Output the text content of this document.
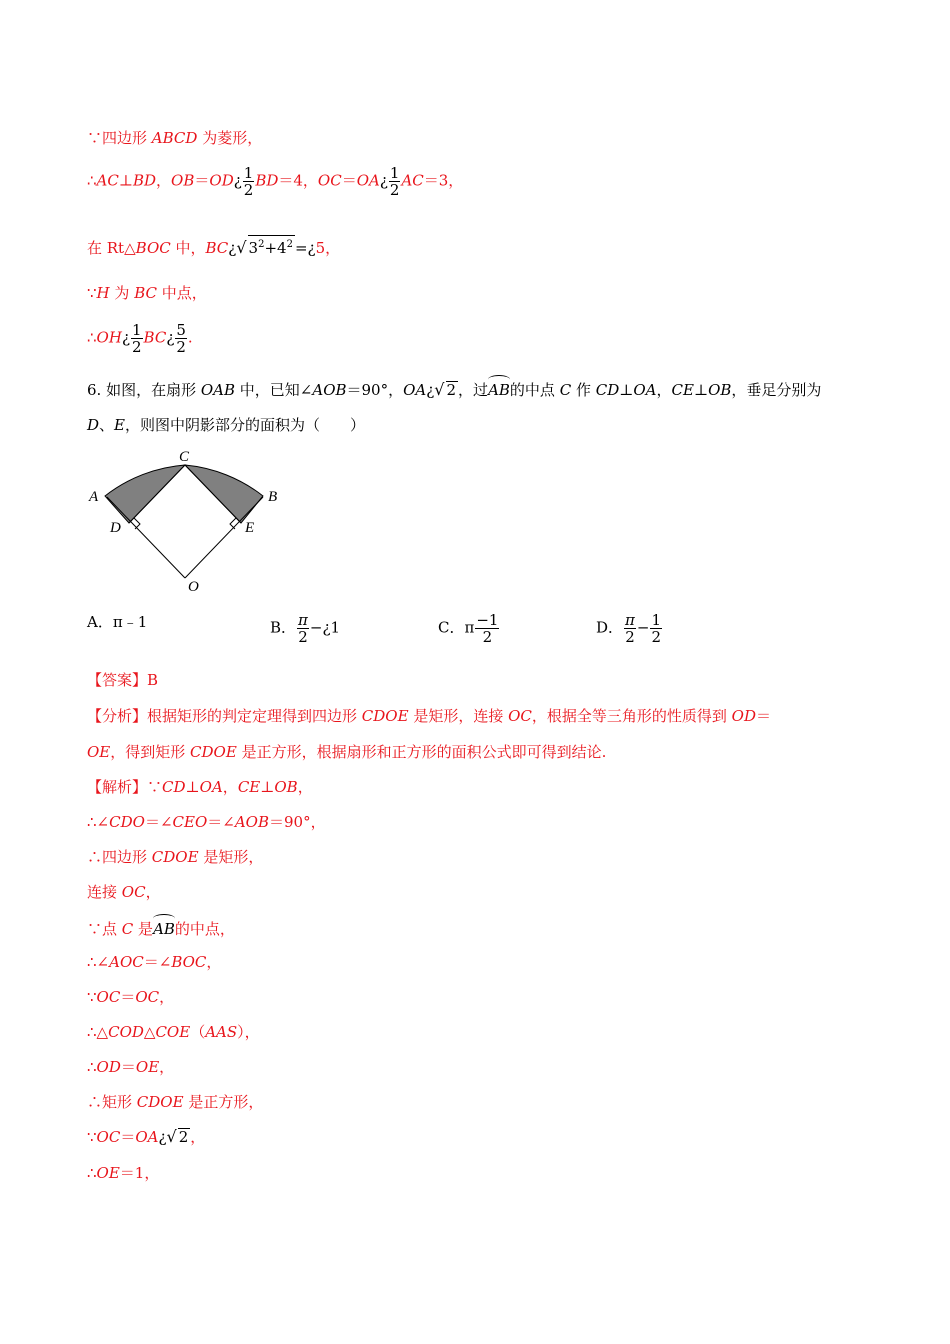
∵四边形 ABCD 为菱形，
∴AC⊥BD，OB＝OD¿ $\frac{1}{2} BD=4$，OC＝OA¿ $\frac{1}{2} AC=3$，
在 Rt△BOC 中，BC¿√ $3^2+4^2$ =¿5，
∵H 为 BC 中点，
∴OH¿ $\frac{1}{2}$ BC¿ $\frac{5}{2}$ .
6. 如图，在扇形 OAB 中，已知∠AOB＝90°，OA¿√ 2 ，过AB的中点 C 作 CD⊥OA，CE⊥OB，垂足分别为
D、E，则图中阴影部分的面积为（　　）
A	B
C
D	E
O
A．π﹣1	B． $\frac{\pi}{2}$ −¿1	C．π $\frac{-1}{2}$	D． $\frac{\pi}{2} - \frac{1}{2}$
【答案】B
【分析】根据矩形的判定定理得到四边形 CDOE 是矩形，连接 OC，根据全等三角形的性质得到 OD＝
OE，得到矩形 CDOE 是正方形，根据扇形和正方形的面积公式即可得到结论.
【解析】∵CD⊥OA，CE⊥OB，
∴∠CDO＝∠CEO＝∠AOB＝90°，
∴四边形 CDOE 是矩形，
连接 OC，
∵点 C 是AB的中点，
∴∠AOC＝∠BOC，
∵OC＝OC，
∴△COD△COE（AAS），
∴OD＝OE，
∴矩形 CDOE 是正方形，
∵OC＝OA¿√ 2 ，
∴OE＝1，
